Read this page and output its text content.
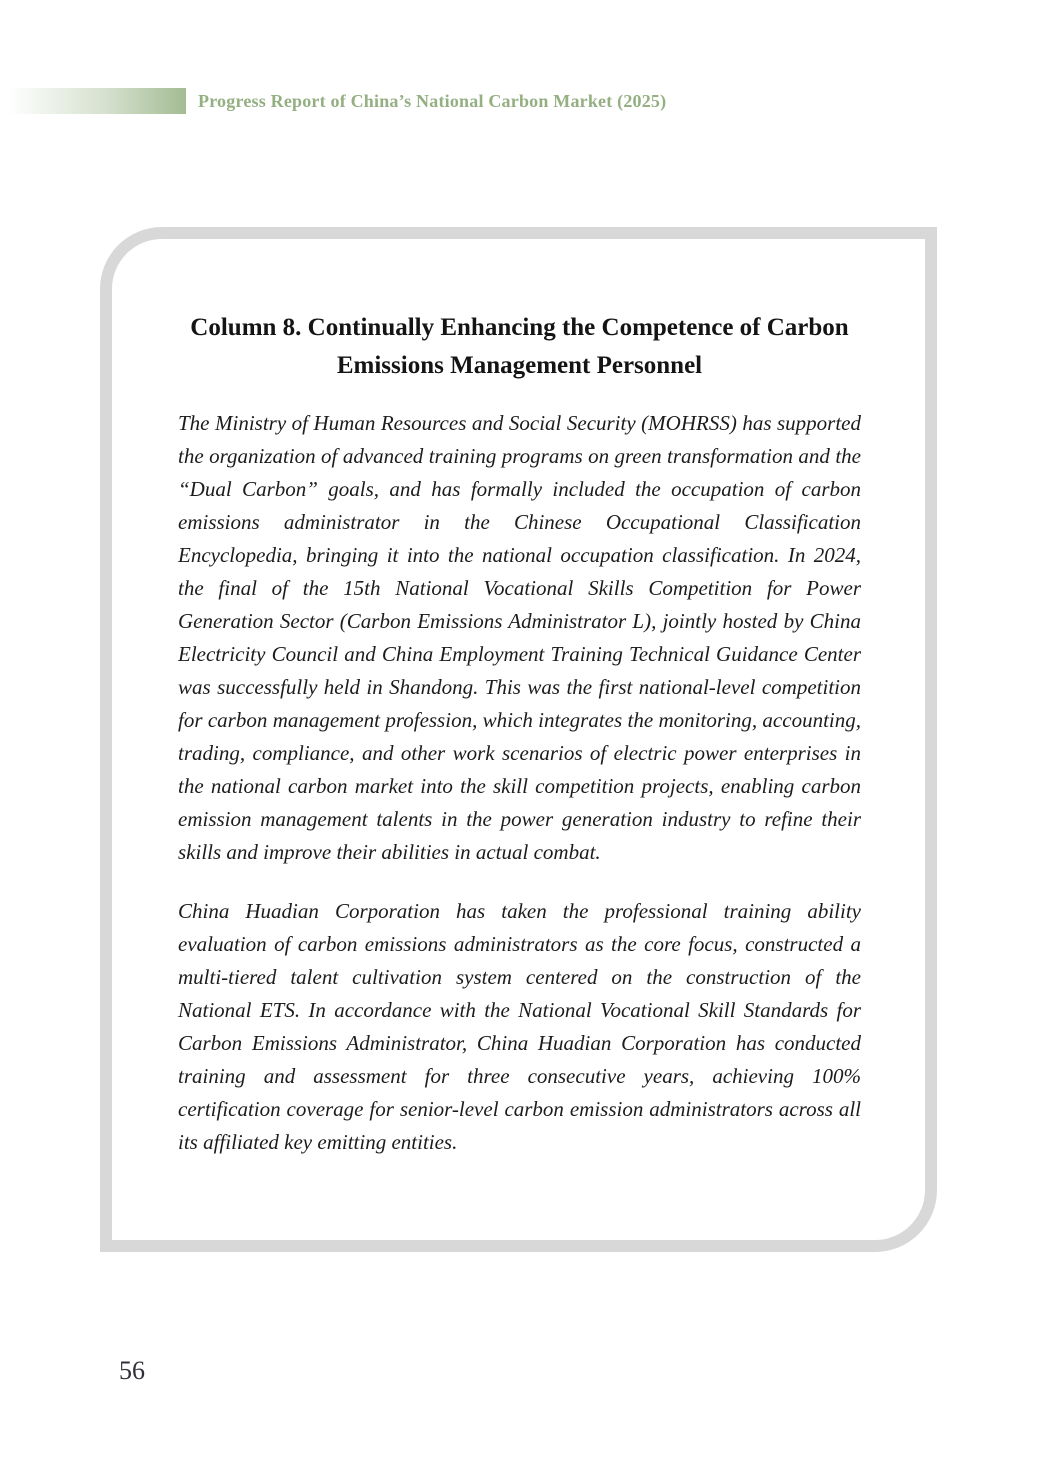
Progress Report of China’s National Carbon Market (2025)
Column 8. Continually Enhancing the Competence of Carbon
Emissions Management Personnel

The Ministry of Human Resources and Social Security (MOHRSS) has supported the organization of advanced training programs on green transformation and the “Dual Carbon” goals, and has formally included the occupation of carbon emissions administrator in the Chinese Occupational Classification Encyclopedia, bringing it into the national occupation classification. In 2024, the final of the 15th National Vocational Skills Competition for Power Generation Sector (Carbon Emissions Administrator L), jointly hosted by China Electricity Council and China Employment Training Technical Guidance Center was successfully held in Shandong. This was the first national-level competition for carbon management profession, which integrates the monitoring, accounting, trading, compliance, and other work scenarios of electric power enterprises in the national carbon market into the skill competition projects, enabling carbon emission management talents in the power generation industry to refine their skills and improve their abilities in actual combat.

China Huadian Corporation has taken the professional training ability evaluation of carbon emissions administrators as the core focus, constructed a multi-tiered talent cultivation system centered on the construction of the National ETS. In accordance with the National Vocational Skill Standards for Carbon Emissions Administrator, China Huadian Corporation has conducted training and assessment for three consecutive years, achieving 100% certification coverage for senior-level carbon emission administrators across all its affiliated key emitting entities.

56
